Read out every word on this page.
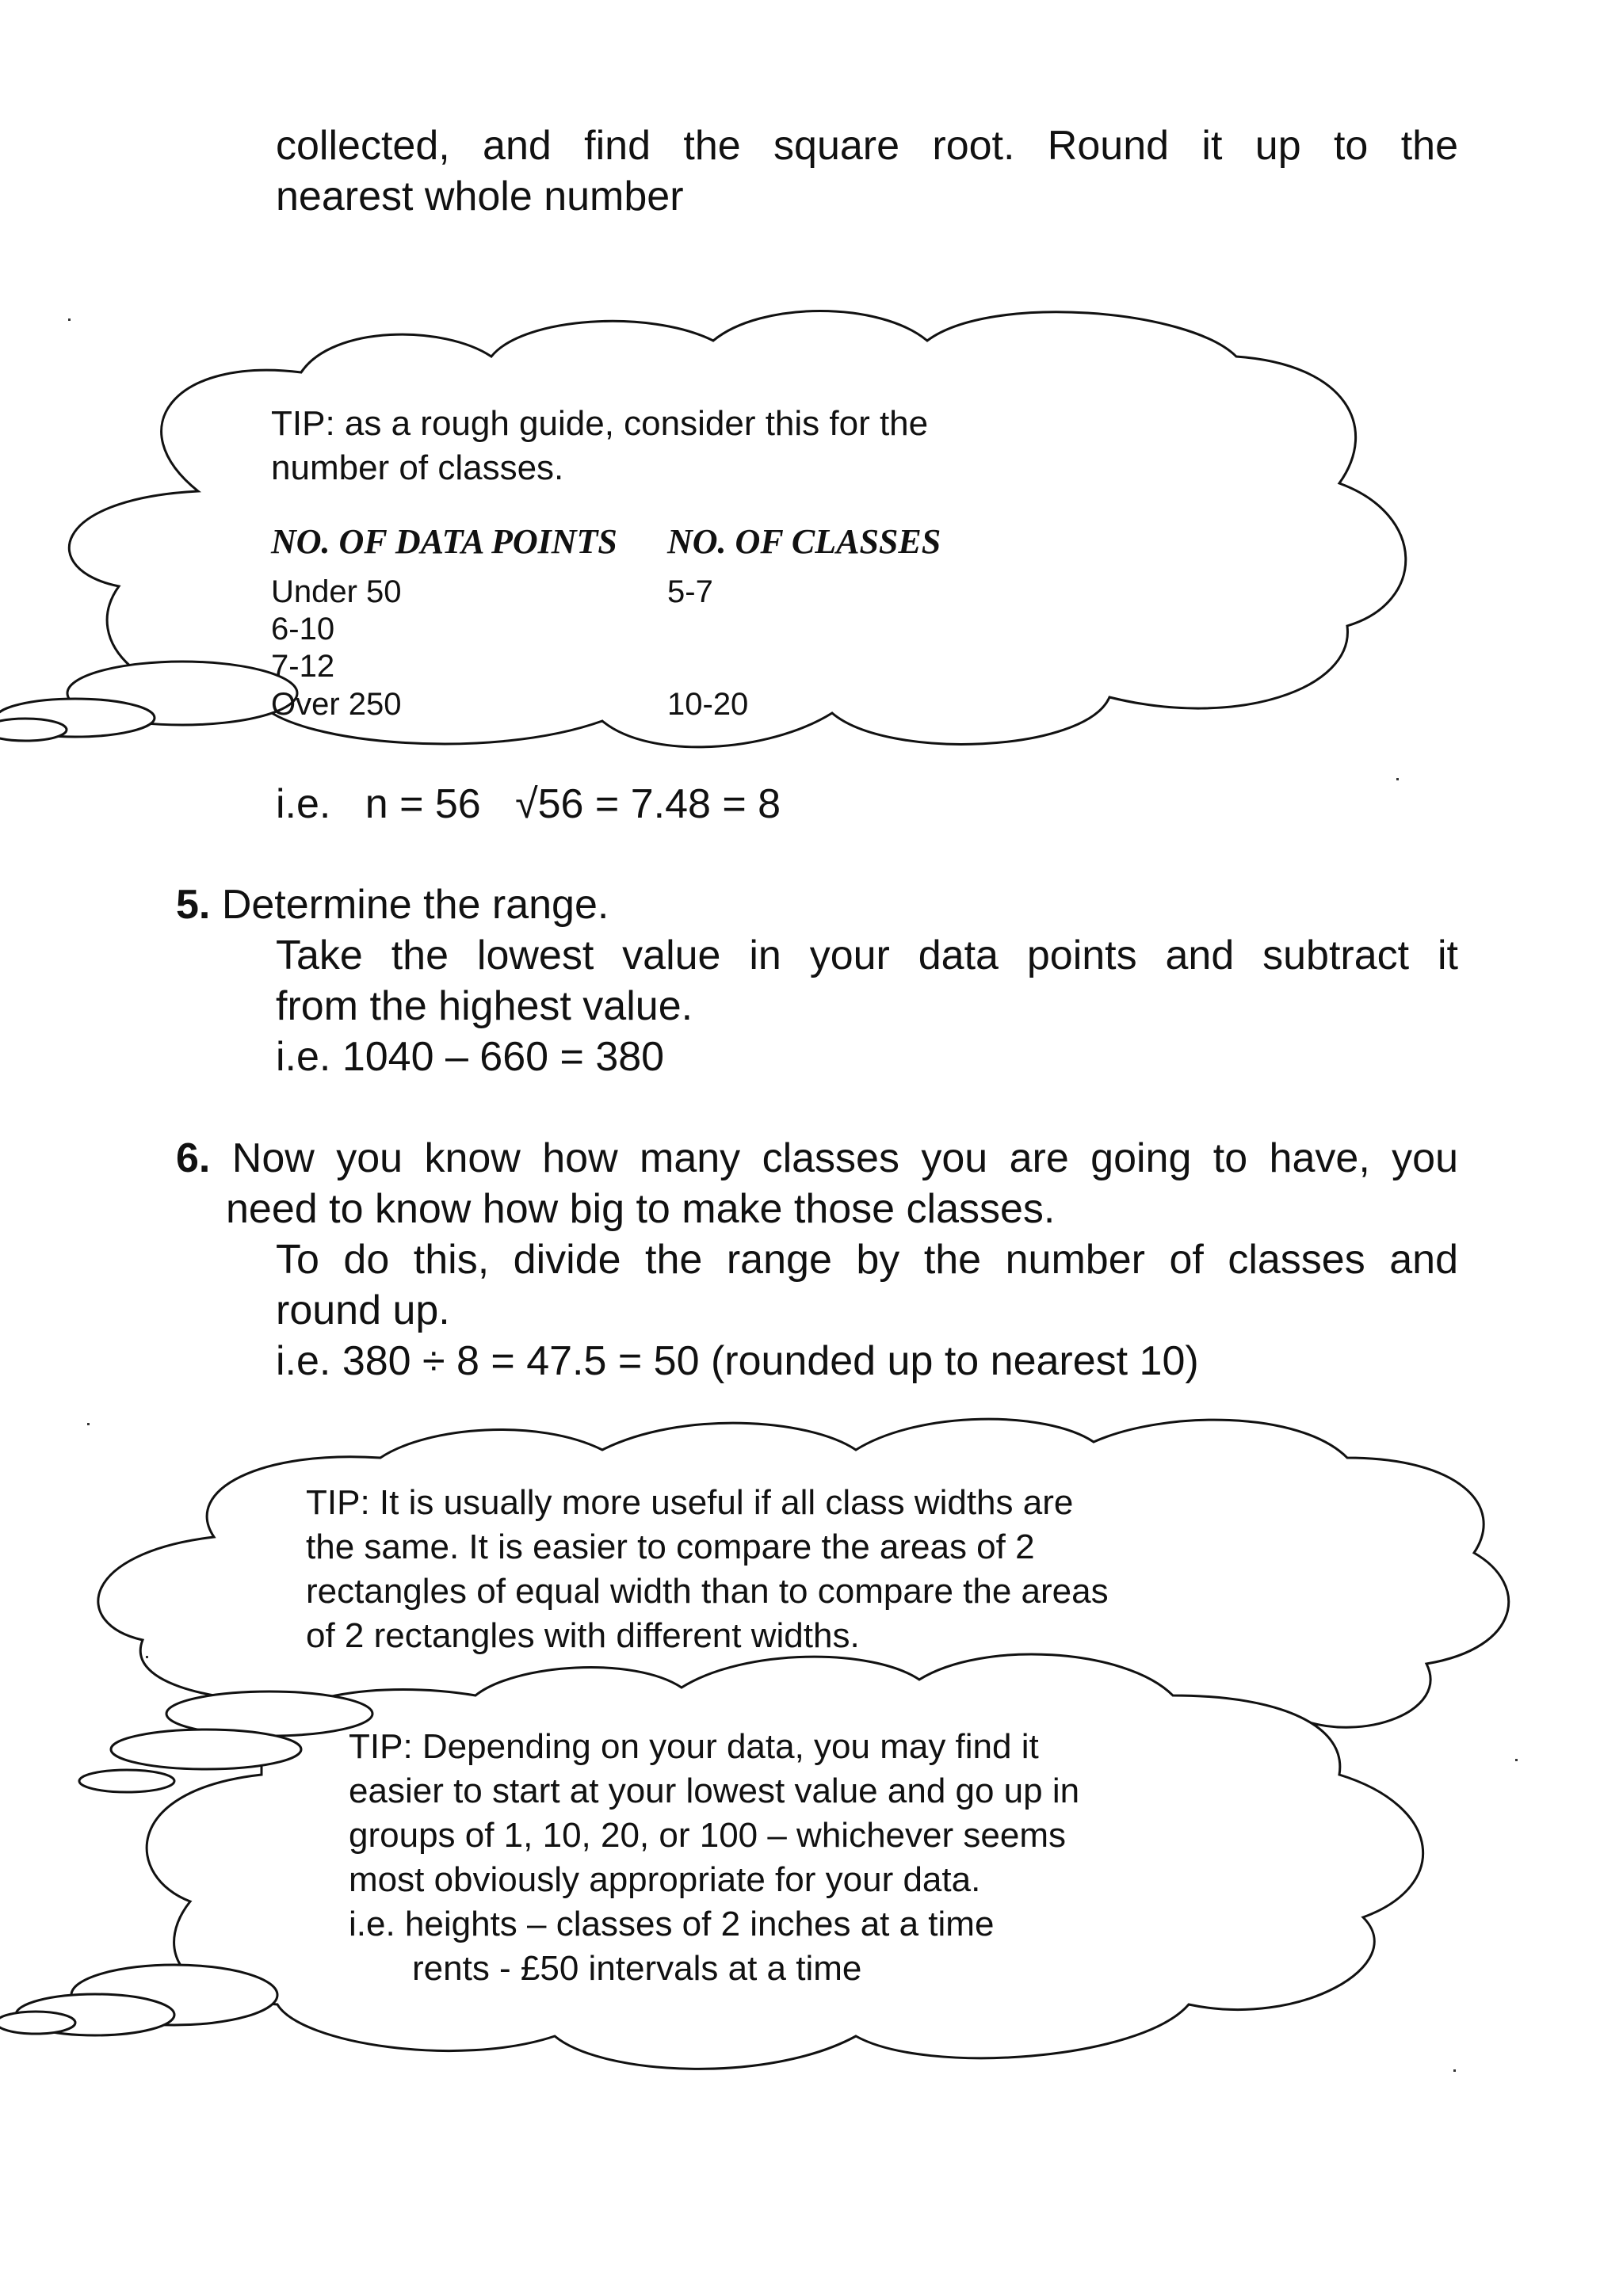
collected, and find the square root. Round it up to the
nearest whole number
TIP: as a rough guide, consider this for the
number of classes.
NO. OF DATA POINTS NO. OF CLASSES
Under 50	5-7
6-10
7-12
Over 250	10-20
i.e.   n = 56   √56 = 7.48 = 8
5. Determine the range.
Take the lowest value in your data points and subtract it
from the highest value.
i.e. 1040 – 660 = 380
6. Now you know how many classes you are going to have, you
need to know how big to make those classes.
To do this, divide the range by the number of classes and
round up.
i.e. 380 ÷ 8 = 47.5 = 50 (rounded up to nearest 10)
TIP: It is usually more useful if all class widths are
the same. It is easier to compare the areas of 2
rectangles of equal width than to compare the areas
of 2 rectangles with different widths.
TIP: Depending on your data, you may find it
easier to start at your lowest value and go up in
groups of 1, 10, 20, or 100 – whichever seems
most obviously appropriate for your data.
i.e. heights – classes of 2 inches at a time
rents - £50 intervals at a time
